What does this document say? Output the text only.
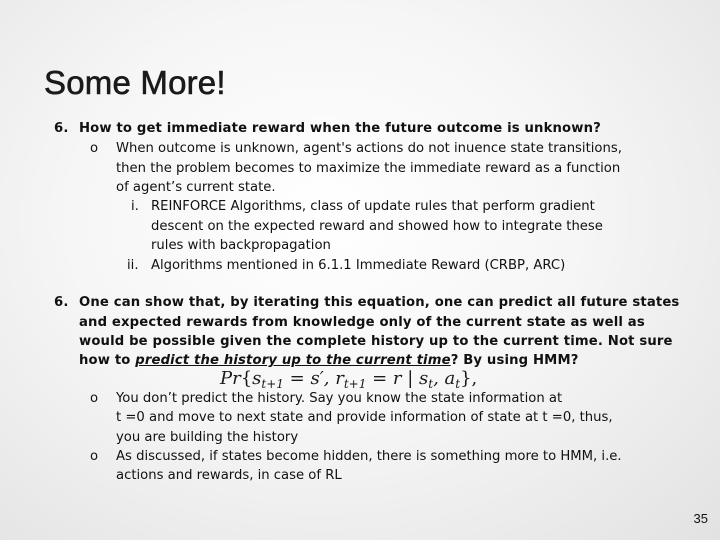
Some More!
6. How to get immediate reward when the future outcome is unknown?
o When outcome is unknown, agent's actions do not inuence state transitions,
then the problem becomes to maximize the immediate reward as a function
of agent’s current state.
i. REINFORCE Algorithms, class of update rules that perform gradient
descent on the expected reward and showed how to integrate these
rules with backpropagation
ii. Algorithms mentioned in 6.1.1 Immediate Reward (CRBP, ARC)
6. One can show that, by iterating this equation, one can predict all future states
and expected rewards from knowledge only of the current state as well as
would be possible given the complete history up to the current time. Not sure
how to predict the history up to the current time? By using HMM?
$Pr\{s_{t+1} = s'$, $r_{t+1} = r$ | $s_t$, $a_t$},
o You don’t predict the history. Say you know the state information at
t =0 and move to next state and provide information of state at t =0, thus,
you are building the history
o As discussed, if states become hidden, there is something more to HMM, i.e.
actions and rewards, in case of RL
35
